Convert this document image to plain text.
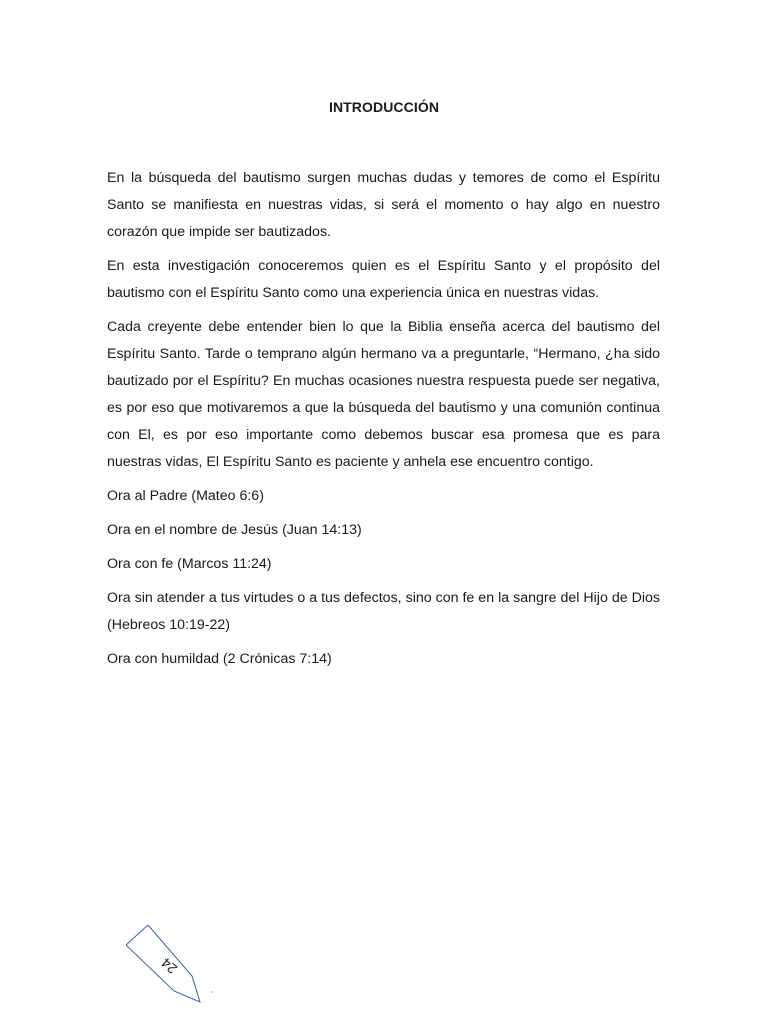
INTRODUCCIÓN

En la búsqueda del bautismo surgen muchas dudas y temores de como el Espíritu Santo se manifiesta en nuestras vidas, si será el momento o hay algo en nuestro corazón que impide ser bautizados.

En esta investigación conoceremos quien es el Espíritu Santo y el propósito del bautismo con el Espíritu Santo como una experiencia única en nuestras vidas.

Cada creyente debe entender bien lo que la Biblia enseña acerca del bautismo del Espíritu Santo. Tarde o temprano algún hermano va a preguntarle, “Hermano, ¿ha sido bautizado por el Espíritu? En muchas ocasiones nuestra respuesta puede ser negativa, es por eso que motivaremos a que la búsqueda del bautismo y una comunión continua con El, es por eso importante como debemos buscar esa promesa que es para nuestras vidas, El Espíritu Santo es paciente y anhela ese encuentro contigo.

Ora al Padre (Mateo 6:6)

Ora en el nombre de Jesús (Juan 14:13)

Ora con fe (Marcos 11:24)

Ora sin atender a tus virtudes o a tus defectos, sino con fe en la sangre del Hijo de Dios (Hebreos 10:19-22)

Ora con humildad (2 Crónicas 7:14)

24
